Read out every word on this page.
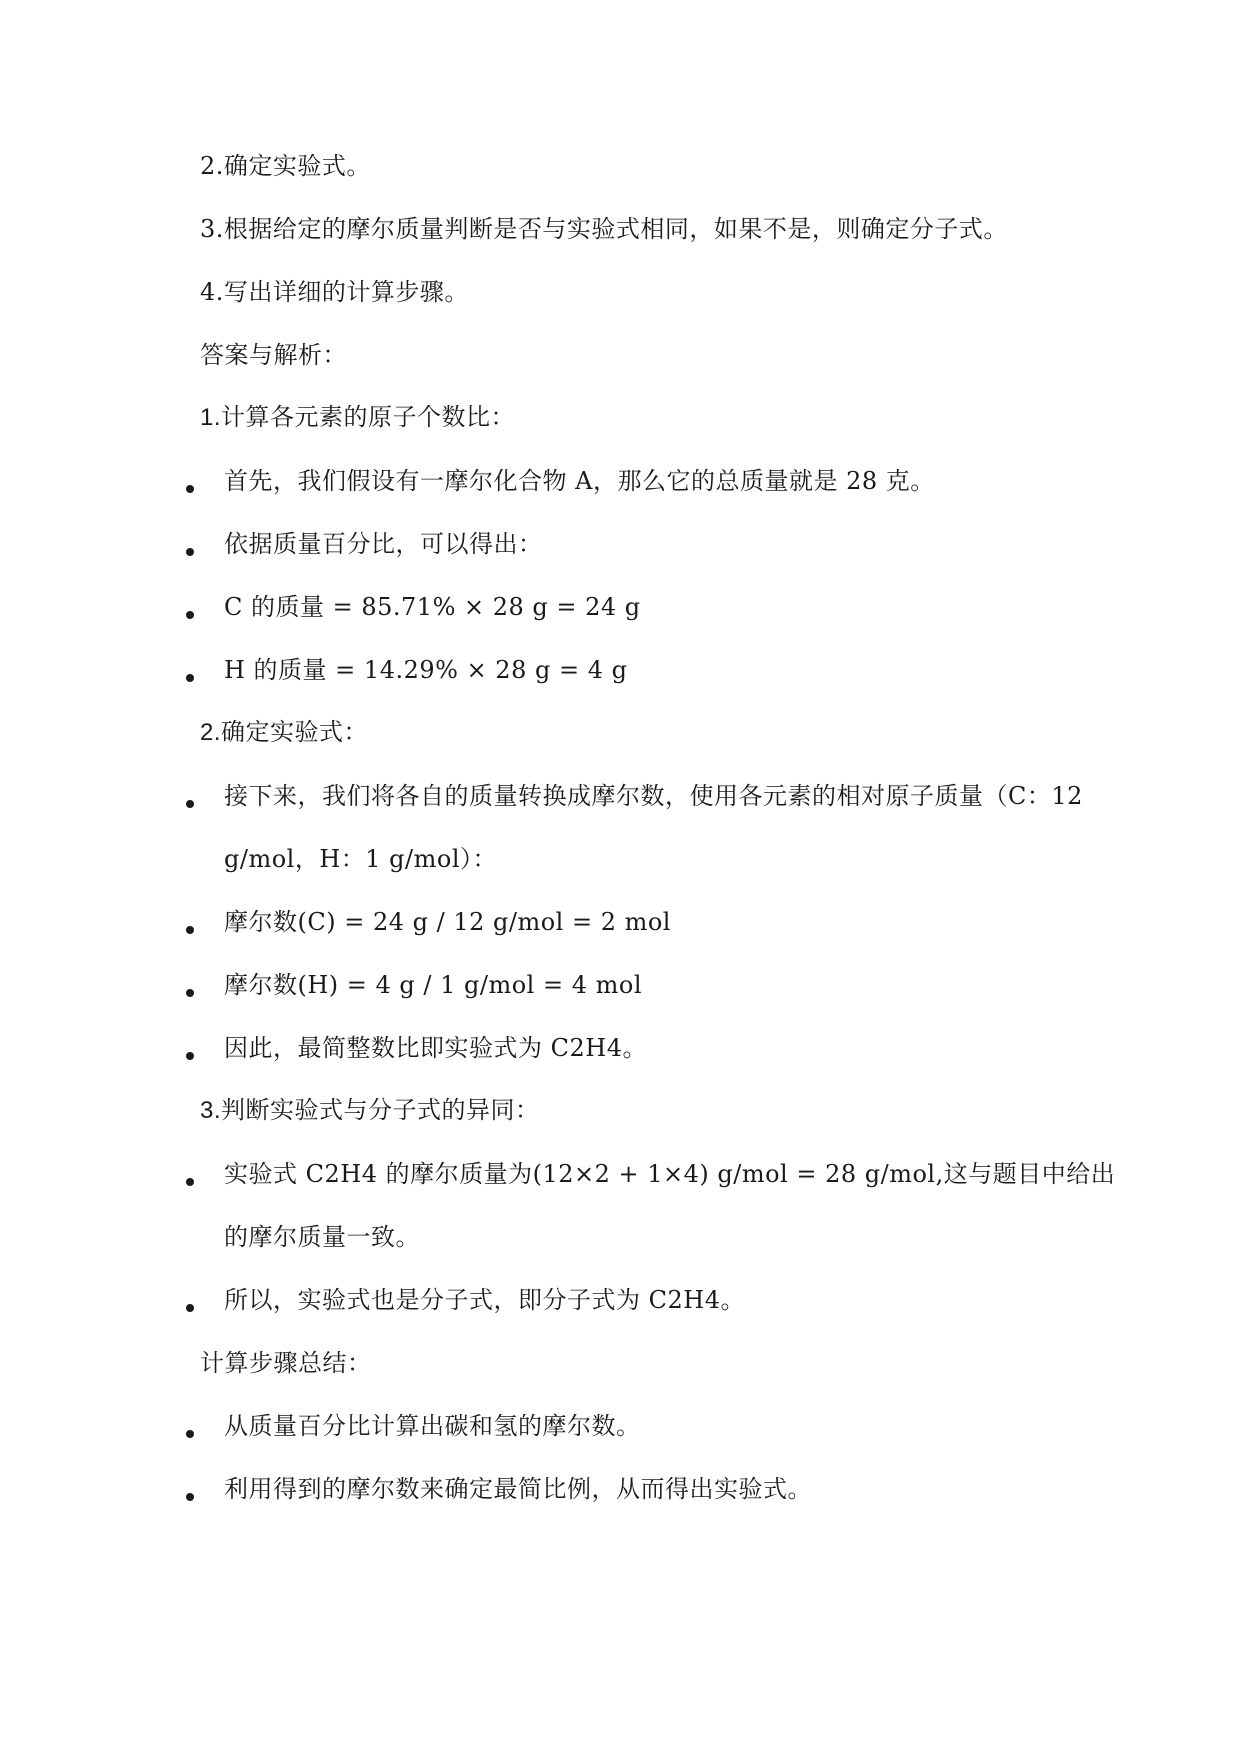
2.确定实验式。
3.根据给定的摩尔质量判断是否与实验式相同，如果不是，则确定分子式。
4.写出详细的计算步骤。
答案与解析：
1.计算各元素的原子个数比：
首先，我们假设有一摩尔化合物 A，那么它的总质量就是 28 克。
依据质量百分比，可以得出：
C 的质量 = 85.71% × 28 g = 24 g
H 的质量 = 14.29% × 28 g = 4 g
2.确定实验式：
接下来，我们将各自的质量转换成摩尔数，使用各元素的相对原子质量（C：12
g/mol，H：1 g/mol）：
摩尔数(C) = 24 g / 12 g/mol = 2 mol
摩尔数(H) = 4 g / 1 g/mol = 4 mol
因此，最简整数比即实验式为 C2H4。
3.判断实验式与分子式的异同：
实验式 C2H4 的摩尔质量为(12×2 + 1×4) g/mol = 28 g/mol,这与题目中给出
的摩尔质量一致。
所以，实验式也是分子式，即分子式为 C2H4。
计算步骤总结：
从质量百分比计算出碳和氢的摩尔数。
利用得到的摩尔数来确定最简比例，从而得出实验式。
